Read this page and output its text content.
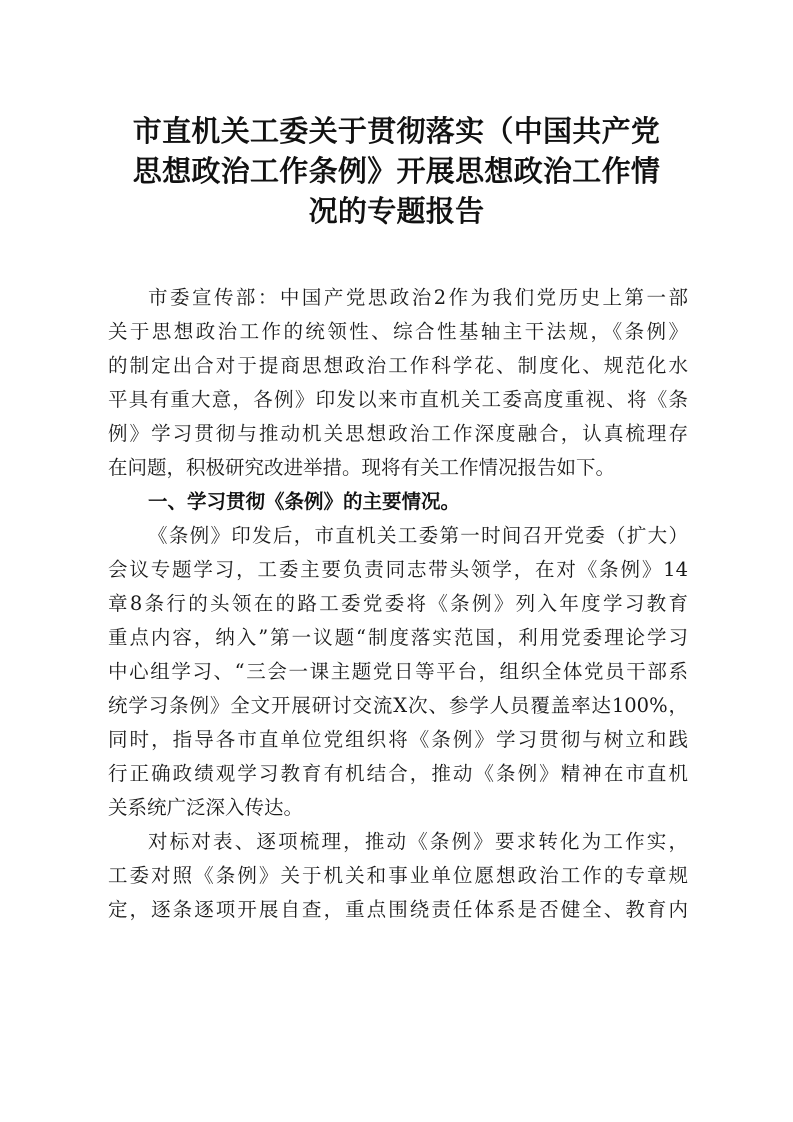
市直机关工委关于贯彻落实（中国共产党
思想政治工作条例》开展思想政治工作情
况的专题报告
市委宣传部：中国产党思政治2作为我们党历史上第一部
关于思想政治工作的统领性、综合性基轴主干法规，《条例》
的制定出合对于提商思想政治工作科学花、制度化、规范化水
平具有重大意，各例》印发以来市直机关工委高度重视、将《条
例》学习贯彻与推动机关思想政治工作深度融合，认真梳理存
在问题，积极研究改进举措。现将有关工作情况报告如下。
一、学习贯彻《条例》的主要情况。
《条例》印发后，市直机关工委第一时间召开党委（扩大）
会议专题学习，工委主要负责同志带头领学，在对《条例》14
章8条行的头领在的路工委党委将《条例》列入年度学习教育
重点内容，纳入”第一议题“制度落实范国，利用党委理论学习
中心组学习、“三会一课主题党日等平台，组织全体党员干部系
统学习条例》全文开展研讨交流X次、参学人员覆盖率达100%，
同时，指导各市直单位党组织将《条例》学习贯彻与树立和践
行正确政绩观学习教育有机结合，推动《条例》精神在市直机
关系统广泛深入传达。
对标对表、逐项梳理，推动《条例》要求转化为工作实，
工委对照《条例》关于机关和事业单位愿想政治工作的专章规
定，逐条逐项开展自查，重点围绕责任体系是否健全、教育内
